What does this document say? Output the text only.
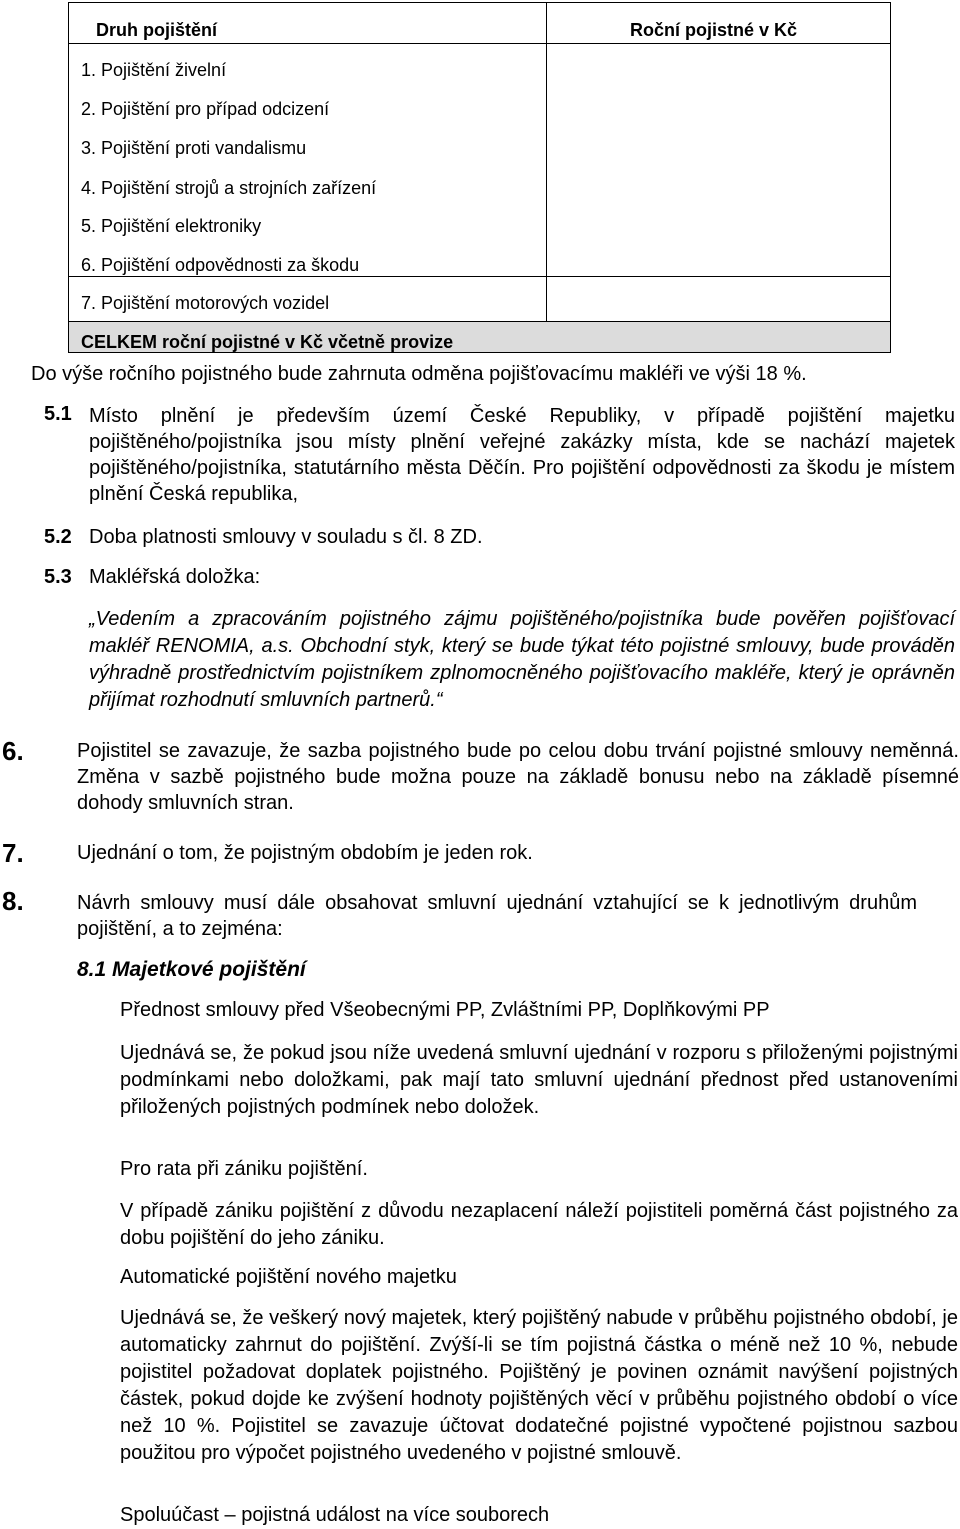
Druh pojištění	Roční pojistné v Kč
1. Pojištění živelní
2. Pojištění pro případ odcizení
3. Pojištění proti vandalismu
4. Pojištění strojů a strojních zařízení
5. Pojištění elektroniky
6. Pojištění odpovědnosti za škodu
7. Pojištění motorových vozidel
CELKEM roční pojistné v Kč včetně provize
Do výše ročního pojistného bude zahrnuta odměna pojišťovacímu makléři ve výši 18 %.
5.1 Místo plnění je především území České Republiky, v případě pojištění majetku pojištěného/pojistníka jsou místy plnění veřejné zakázky místa, kde se nachází majetek pojištěného/pojistníka, statutárního města Děčín. Pro pojištění odpovědnosti za škodu je místem plnění Česká republika,
5.2 Doba platnosti smlouvy v souladu s čl. 8 ZD.
5.3 Makléřská doložka:
„Vedením a zpracováním pojistného zájmu pojištěného/pojistníka bude pověřen pojišťovací makléř RENOMIA, a.s. Obchodní styk, který se bude týkat této pojistné smlouvy, bude prováděn výhradně prostřednictvím pojistníkem zplnomocněného pojišťovacího makléře, který je oprávněn přijímat rozhodnutí smluvních partnerů.“
6.	Pojistitel se zavazuje, že sazba pojistného bude po celou dobu trvání pojistné smlouvy neměnná. Změna v sazbě pojistného bude možna pouze na základě bonusu nebo na základě písemné dohody smluvních stran.
7.	Ujednání o tom, že pojistným obdobím je jeden rok.
8.	Návrh smlouvy musí dále obsahovat smluvní ujednání vztahující se k jednotlivým druhům pojištění, a to zejména:
8.1 Majetkové pojištění
Přednost smlouvy před Všeobecnými PP, Zvláštními PP, Doplňkovými PP
Ujednává se, že pokud jsou níže uvedená smluvní ujednání v rozporu s přiloženými pojistnými podmínkami nebo doložkami, pak mají tato smluvní ujednání přednost před ustanoveními přiložených pojistných podmínek nebo doložek.
Pro rata při zániku pojištění.
V případě zániku pojištění z důvodu nezaplacení náleží pojistiteli poměrná část pojistného za dobu pojištění do jeho zániku.
Automatické pojištění nového majetku
Ujednává se, že veškerý nový majetek, který pojištěný nabude v průběhu pojistného období, je automaticky zahrnut do pojištění. Zvýší-li se tím pojistná částka o méně než 10 %, nebude pojistitel požadovat doplatek pojistného. Pojištěný je povinen oznámit navýšení pojistných částek, pokud dojde ke zvýšení hodnoty pojištěných věcí v průběhu pojistného období o více než 10 %. Pojistitel se zavazuje účtovat dodatečné pojistné vypočtené pojistnou sazbou použitou pro výpočet pojistného uvedeného v pojistné smlouvě.
Spoluúčast – pojistná událost na více souborech
